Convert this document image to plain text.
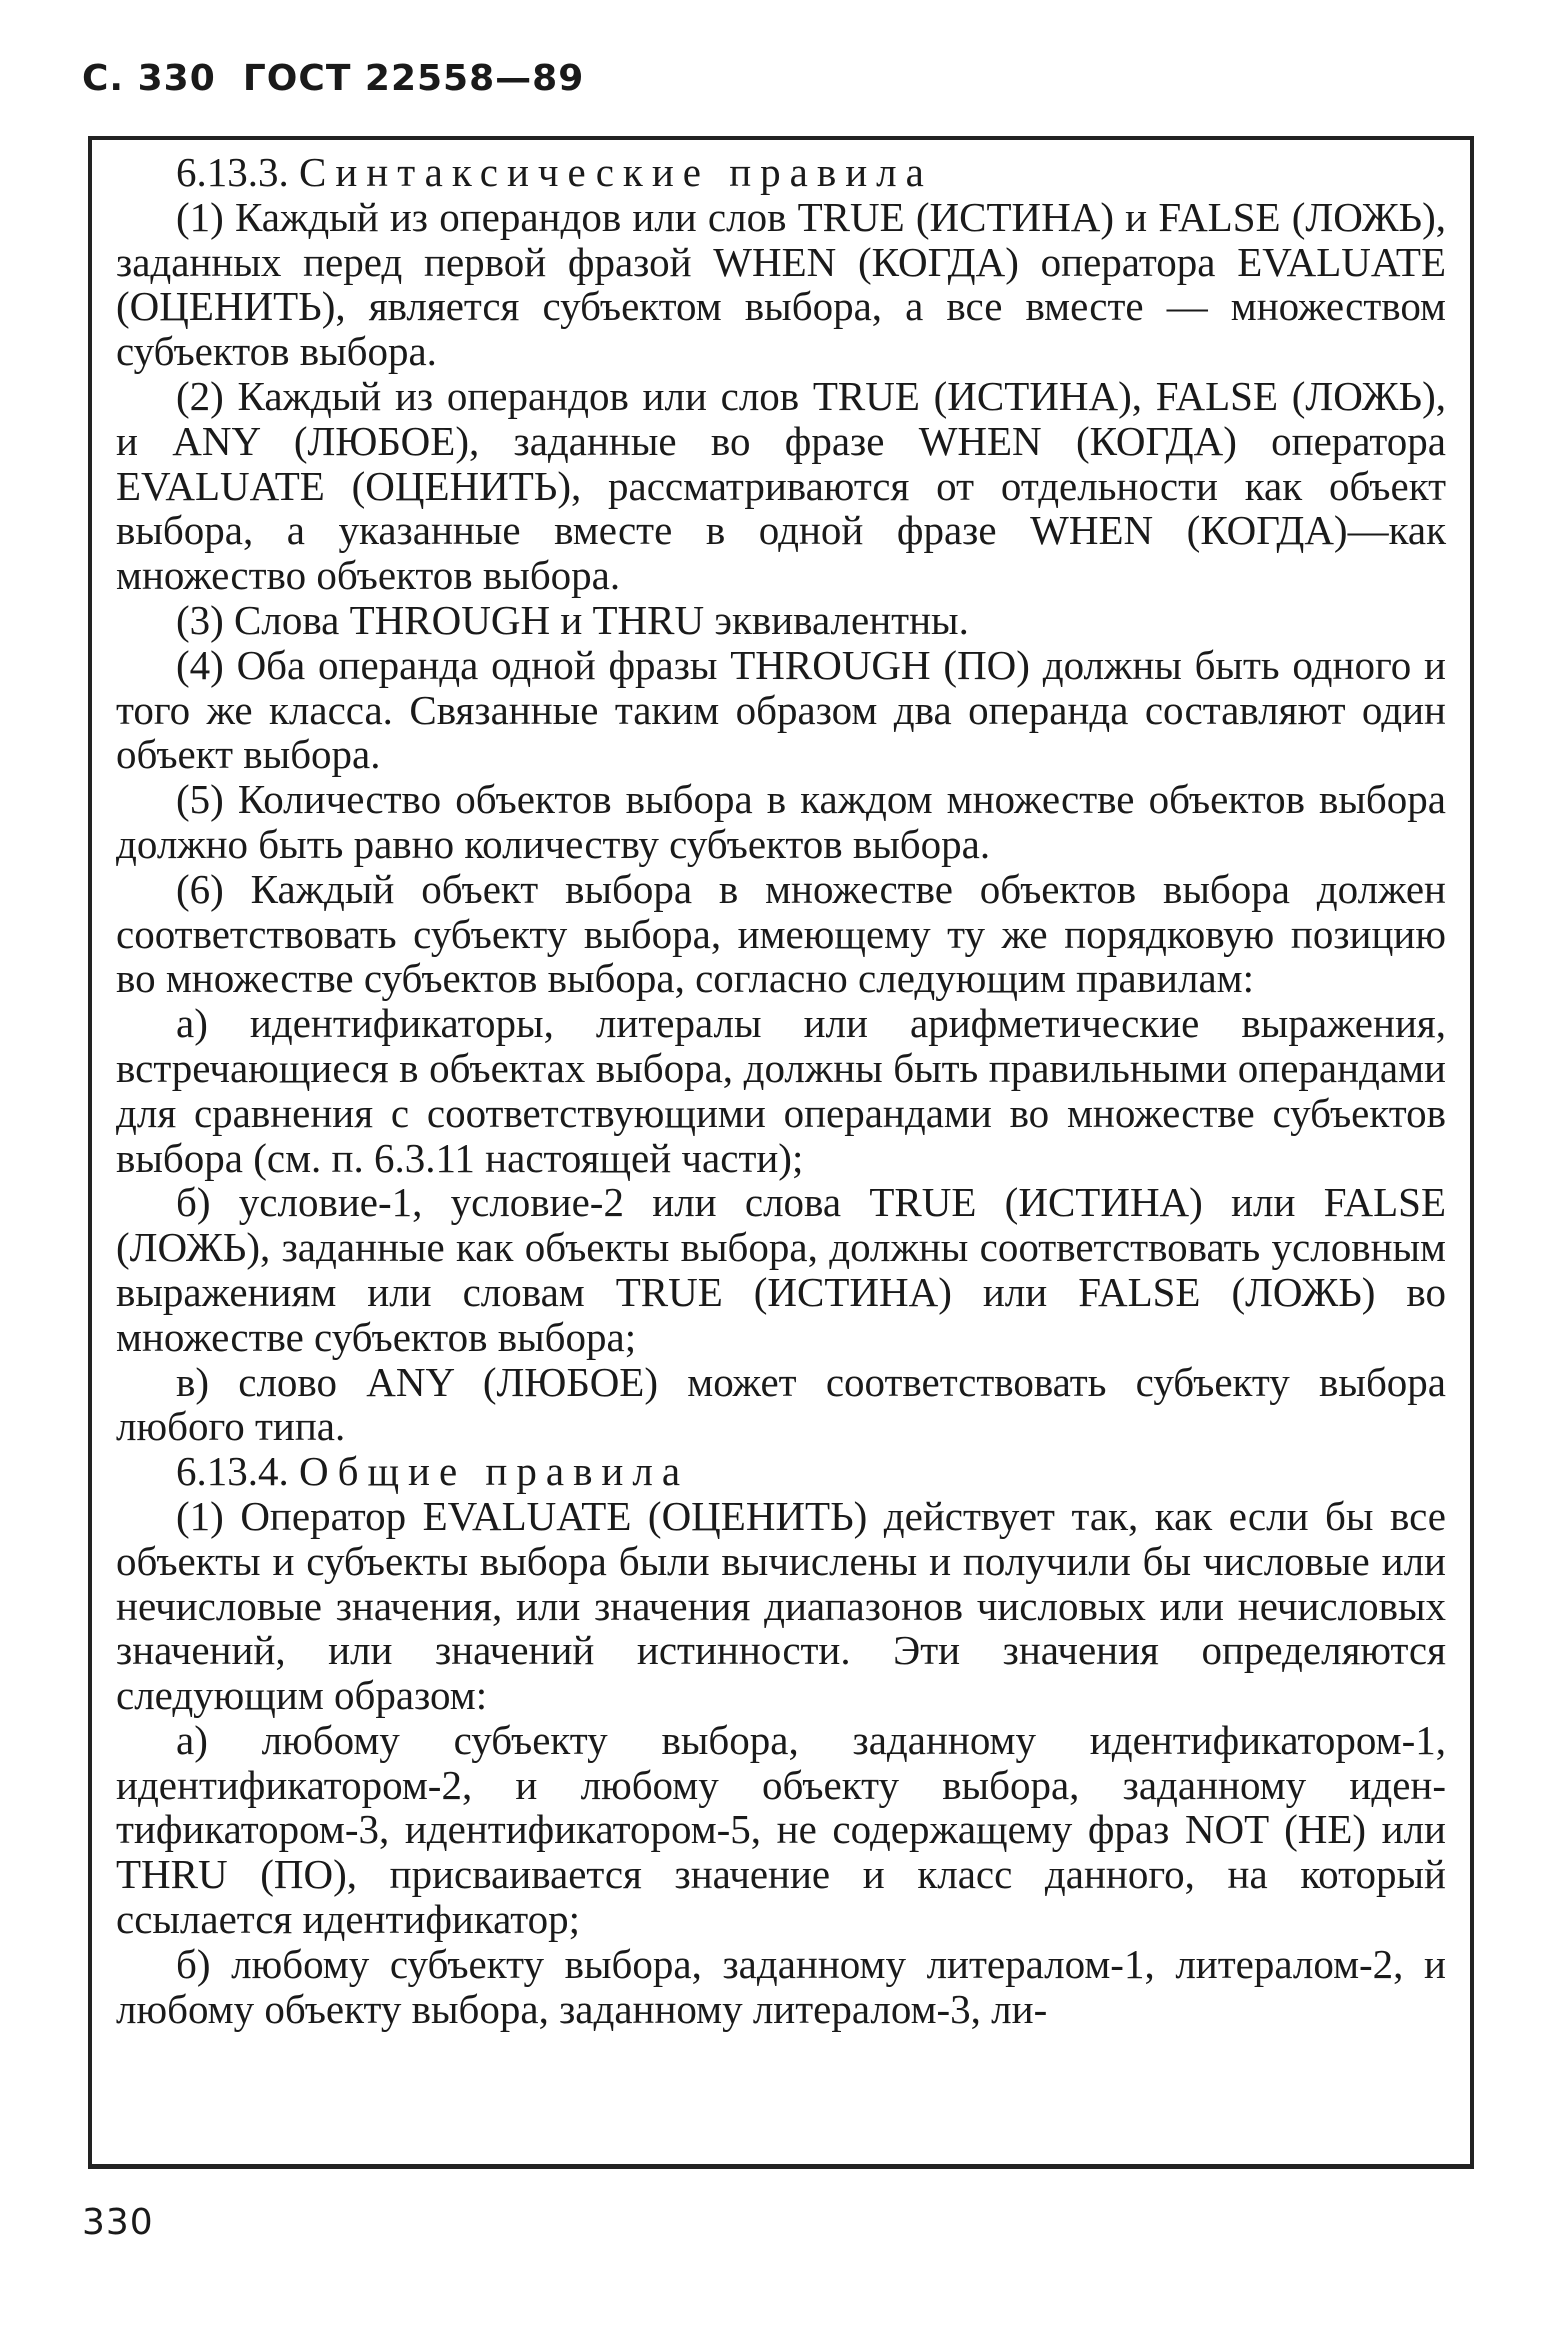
С. 330 ГОСТ 22558—89

6.13.3. Синтаксические правила

(1) Каждый из операндов или слов TRUE (ИСТИНА) и FALSE (ЛОЖЬ), заданных перед первой фразой WHEN (КОГДА) оператора EVALUATE (ОЦЕНИТЬ), является субъектом выбора, а все вместе — множеством субъектов выбора.

(2) Каждый из операндов или слов TRUE (ИСТИНА), FALSE (ЛОЖЬ), и ANY (ЛЮБОЕ), заданные во фразе WHEN (КОГДА) оператора EVALUATE (ОЦЕНИТЬ), рассматриваются от отдельности как объект выбора, а указанные вместе в одной фразе WHEN (КОГДА)—как множество объектов выбора.

(3) Слова THROUGH и THRU эквивалентны.

(4) Оба операнда одной фразы THROUGH (ПО) должны быть одного и того же класса. Связанные таким образом два операнда составляют один объект выбора.

(5) Количество объектов выбора в каждом множестве объектов выбора должно быть равно количеству субъектов выбора.

(6) Каждый объект выбора в множестве объектов выбора должен соответствовать субъекту выбора, имеющему ту же порядковую позицию во множестве субъектов выбора, согласно следующим правилам:

а) идентификаторы, литералы или арифметические выражения, встречающиеся в объектах выбора, должны быть правильными операндами для сравнения с соответствующими операндами во множестве субъектов выбора (см. п. 6.3.11 настоящей части);

б) условие-1, условие-2 или слова TRUE (ИСТИНА) или FALSE (ЛОЖЬ), заданные как объекты выбора, должны соответствовать условным выражениям или словам TRUE (ИСТИНА) или FALSE (ЛОЖЬ) во множестве субъектов выбора;

в) слово ANY (ЛЮБОЕ) может соответствовать субъекту выбора любого типа.

6.13.4. Общие правила

(1) Оператор EVALUATE (ОЦЕНИТЬ) действует так, как если бы все объекты и субъекты выбора были вычислены и получили бы числовые или нечисловые значения, или значения диапазонов числовых или нечисловых значений, или значений истинности. Эти значения определяются следующим образом:

а) любому субъекту выбора, заданному идентификатором-1, идентификатором-2, и любому объекту выбора, заданному идентификатором-3, идентификатором-5, не содержащему фраз NOT (НЕ) или THRU (ПО), присваивается значение и класс данного, на который ссылается идентификатор;

б) любому субъекту выбора, заданному литералом-1, литералом-2, и любому объекту выбора, заданному литералом-3, ли-

330
